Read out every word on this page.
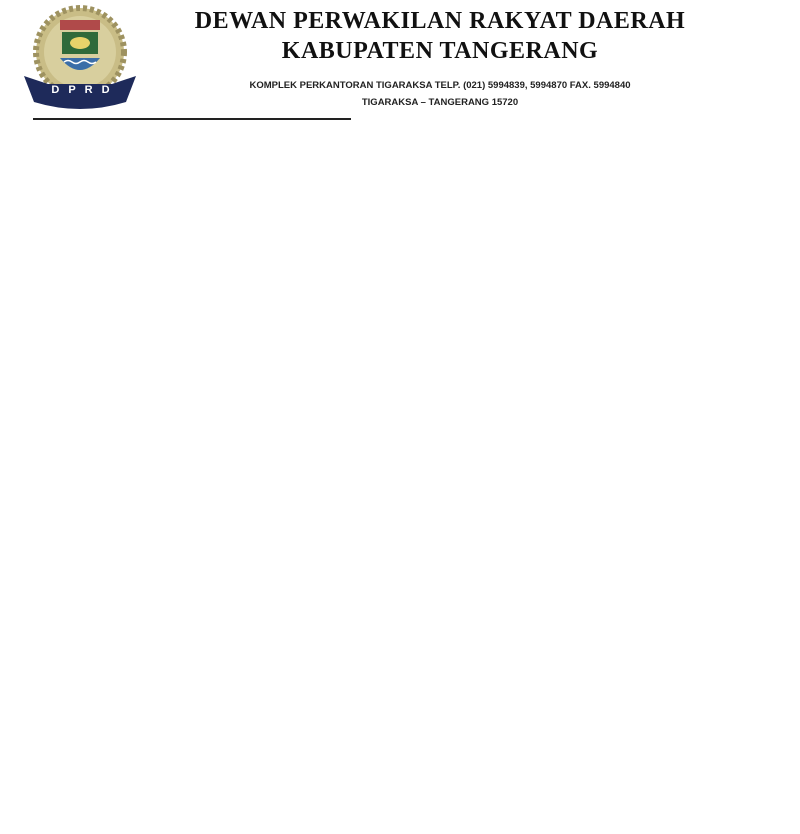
DPRD
DEWAN PERWAKILAN RAKYAT DAERAH
KABUPATEN TANGERANG
KOMPLEK PERKANTORAN TIGARAKSA TELP. (021) 5994839, 5994870 FAX. 5994840
TIGARAKSA – TANGERANG 15720
